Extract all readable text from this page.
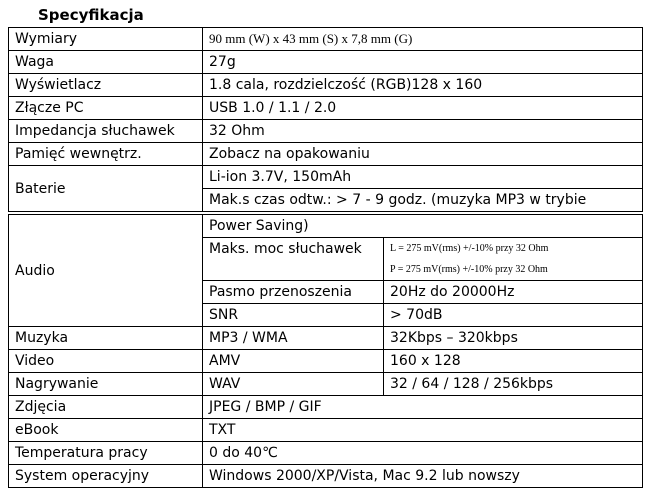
Specyfikacja
Wymiary	90 mm (W) x 43 mm (S) x 7,8 mm (G)
Waga	27g
Wyświetlacz	1.8 cala, rozdzielczość (RGB)128 x 160
Złącze PC	USB 1.0 / 1.1 / 2.0
Impedancja słuchawek	32 Ohm
Pamięć wewnętrz.	Zobacz na opakowaniu
Baterie	Li-ion 3.7V, 150mAh
	Mak.s czas odtw.: > 7 - 9 godz. (muzyka MP3 w trybie
Audio	Power Saving)	
	Maks. moc słuchawek	L = 275 mV(rms) +/-10% przy 32 Ohm
		P = 275 mV(rms) +/-10% przy 32 Ohm
	Pasmo przenoszenia	20Hz do 20000Hz
	SNR	> 70dB
Muzyka	MP3 / WMA	32Kbps – 320kbps
Video	AMV	160 x 128
Nagrywanie	WAV	32 / 64 / 128 / 256kbps
Zdjęcia	JPEG / BMP / GIF	
eBook	TXT	
Temperatura pracy	0 do 40℃	
System operacyjny	Windows 2000/XP/Vista, Mac 9.2 lub nowszy	
